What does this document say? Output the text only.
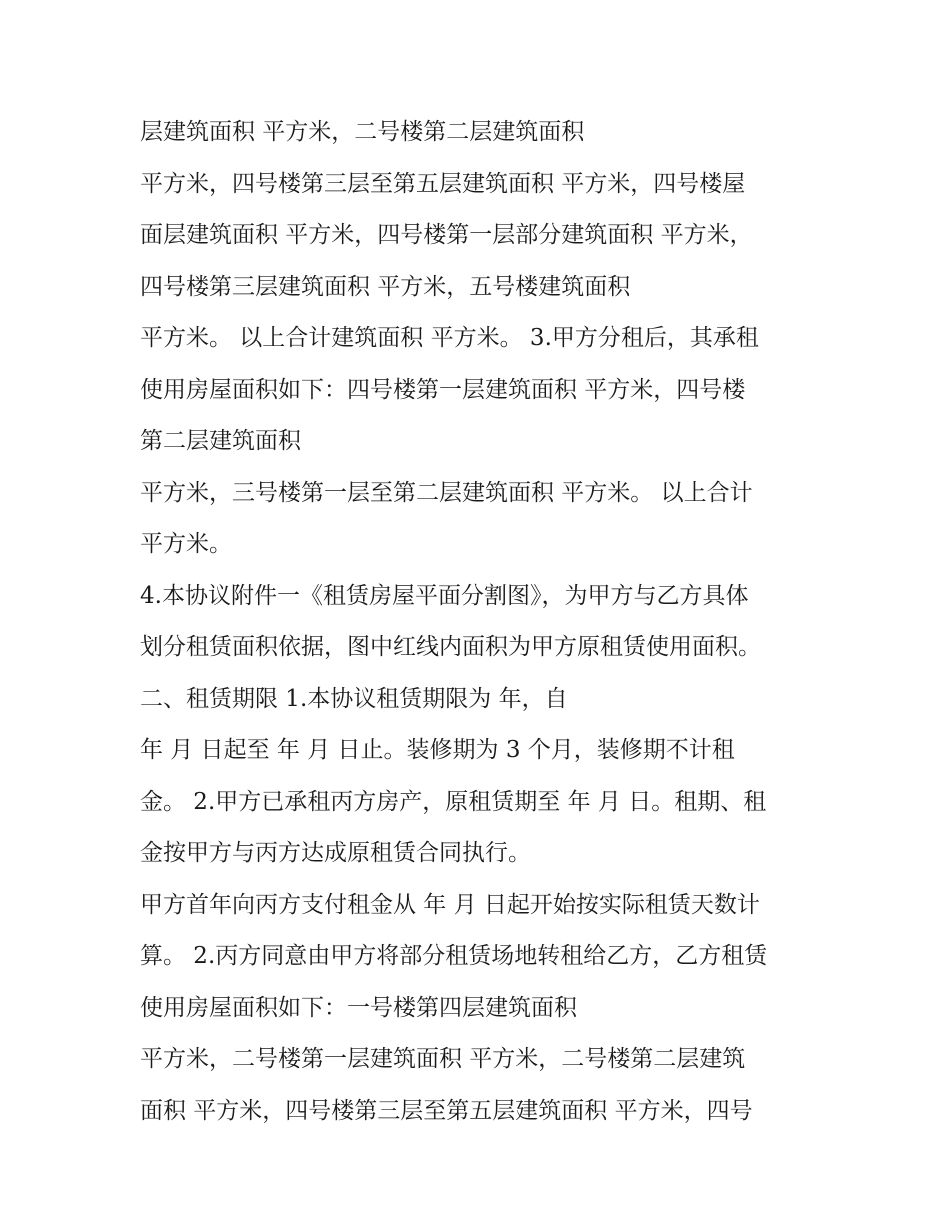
层建筑面积 平方米，二号楼第二层建筑面积
平方米，四号楼第三层至第五层建筑面积 平方米，四号楼屋
面层建筑面积 平方米，四号楼第一层部分建筑面积 平方米，
四号楼第三层建筑面积 平方米，五号楼建筑面积
平方米。 以上合计建筑面积 平方米。 3.甲方分租后，其承租
使用房屋面积如下：四号楼第一层建筑面积 平方米，四号楼
第二层建筑面积
平方米，三号楼第一层至第二层建筑面积 平方米。 以上合计
平方米。
4.本协议附件一《租赁房屋平面分割图》，为甲方与乙方具体
划分租赁面积依据，图中红线内面积为甲方原租赁使用面积。
二、租赁期限 1.本协议租赁期限为 年，自
年 月 日起至 年 月 日止。装修期为 3 个月，装修期不计租
金。 2.甲方已承租丙方房产，原租赁期至 年 月 日。租期、租
金按甲方与丙方达成原租赁合同执行。
甲方首年向丙方支付租金从 年 月 日起开始按实际租赁天数计
算。 2.丙方同意由甲方将部分租赁场地转租给乙方，乙方租赁
使用房屋面积如下：一号楼第四层建筑面积
平方米，二号楼第一层建筑面积 平方米，二号楼第二层建筑
面积 平方米，四号楼第三层至第五层建筑面积 平方米，四号
